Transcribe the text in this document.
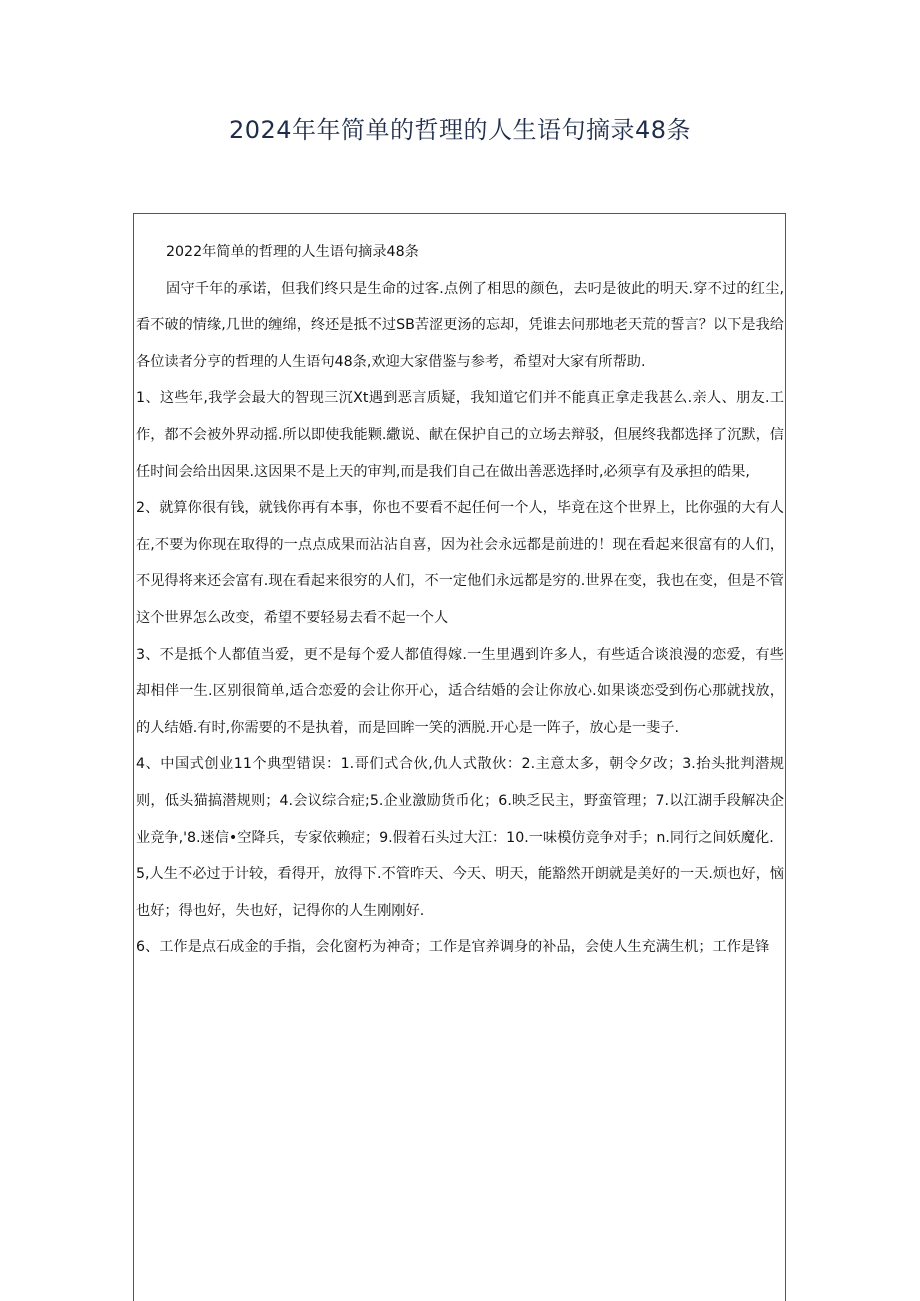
2024年年简单的哲理的人生语句摘录48条

2022年简单的哲理的人生语句摘录48条

固守千年的承诺，但我们终只是生命的过客.点例了相思的颜色，去叼是彼此的明天.穿不过的红尘,看不破的情缘,几世的缠绵，终还是抵不过SB苦涩更汤的忘却，凭谁去问那地老天荒的誓言？以下是我给各位读者分亨的哲理的人生语句48条,欢迎大家借鉴与参考，希望对大家有所帮助.

1、这些年,我学会最大的智现三沉Xt遇到恶言质疑，我知道它们并不能真正拿走我甚么.亲人、朋友.工作，都不会被外界动摇.所以即使我能颗.繖说、献在保护自己的立场去辩驳，但展终我都选择了沉默，信任时间会给出因果.这因果不是上天的审判,而是我们自己在做出善恶选择时,必须享有及承担的皓果,

2、就算你很有钱，就钱你再有本事，你也不要看不起任何一个人，毕竟在这个世界上，比你强的大有人在,不要为你现在取得的一点点成果而沾沾自喜，因为社会永远都是前进的！现在看起来很富有的人们，不见得将来还会富有.现在看起来很穷的人们，不一定他们永远都是穷的.世界在变，我也在变，但是不管这个世界怎么改变，希望不要轻易去看不起一个人

3、不是抵个人都值当爱，更不是每个爱人都值得嫁.一生里遇到许多人，有些适合谈浪漫的恋爱，有些却相伴一生.区别很简单,适合恋爱的会让你开心，适合结婚的会让你放心.如果谈恋受到伤心那就找放，的人结婚.有时,你需要的不是执着，而是回眸一笑的洒脱.开心是一阵子，放心是一斐子.

4、中国式创业11个典型错误：1.哥们式合伙,仇人式散伙：2.主意太多，朝令夕改；3.抬头批判潜规则，低头猫搞潜规则；4.会议综合症;5.企业激励货币化；6.映乏民主，野蛮管理；7.以江湖手段解决企业竞争,'8.迷信•空降兵，专家依赖症；9.假着石头过大江：10.一味模仿竞争对手；n.同行之间妖魔化.

5,人生不必过于计较，看得开，放得下.不管昨天、今天、明天，能豁然开朗就是美好的一天.烦也好，恼也好；得也好，失也好，记得你的人生刚刚好.

6、工作是点石成金的手指，会化窗朽为神奇；工作是官养调身的补品，会使人生充满生机；工作是锋
